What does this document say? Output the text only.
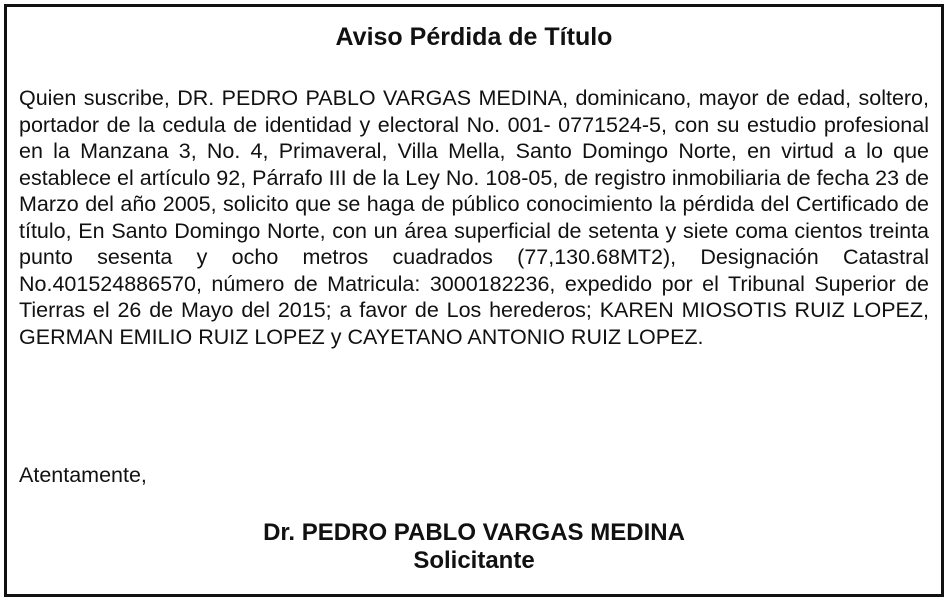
Aviso Pérdida de Título

Quien suscribe, DR. PEDRO PABLO VARGAS MEDINA, dominicano, mayor de edad, soltero, portador de la cedula de identidad y electoral No. 001- 0771524-5, con su estudio profesional en la Manzana 3, No. 4, Primaveral, Villa Mella, Santo Domingo Norte, en virtud a lo que establece el artículo 92, Párrafo III de la Ley No. 108-05, de registro inmobiliaria de fecha 23 de Marzo del año 2005, solicito que se haga de público conocimiento la pérdida del Certificado de título, En Santo Domingo Norte, con un área superficial de setenta y siete coma cientos treinta punto sesenta y ocho metros cuadrados (77,130.68MT2), Designación Catastral No.401524886570, número de Matricula: 3000182236, expedido por el Tribunal Superior de Tierras el 26 de Mayo del 2015; a favor de Los herederos; KAREN MIOSOTIS RUIZ LOPEZ, GERMAN EMILIO RUIZ LOPEZ y CAYETANO ANTONIO RUIZ LOPEZ.

Atentamente,

Dr. PEDRO PABLO VARGAS MEDINA

Solicitante
